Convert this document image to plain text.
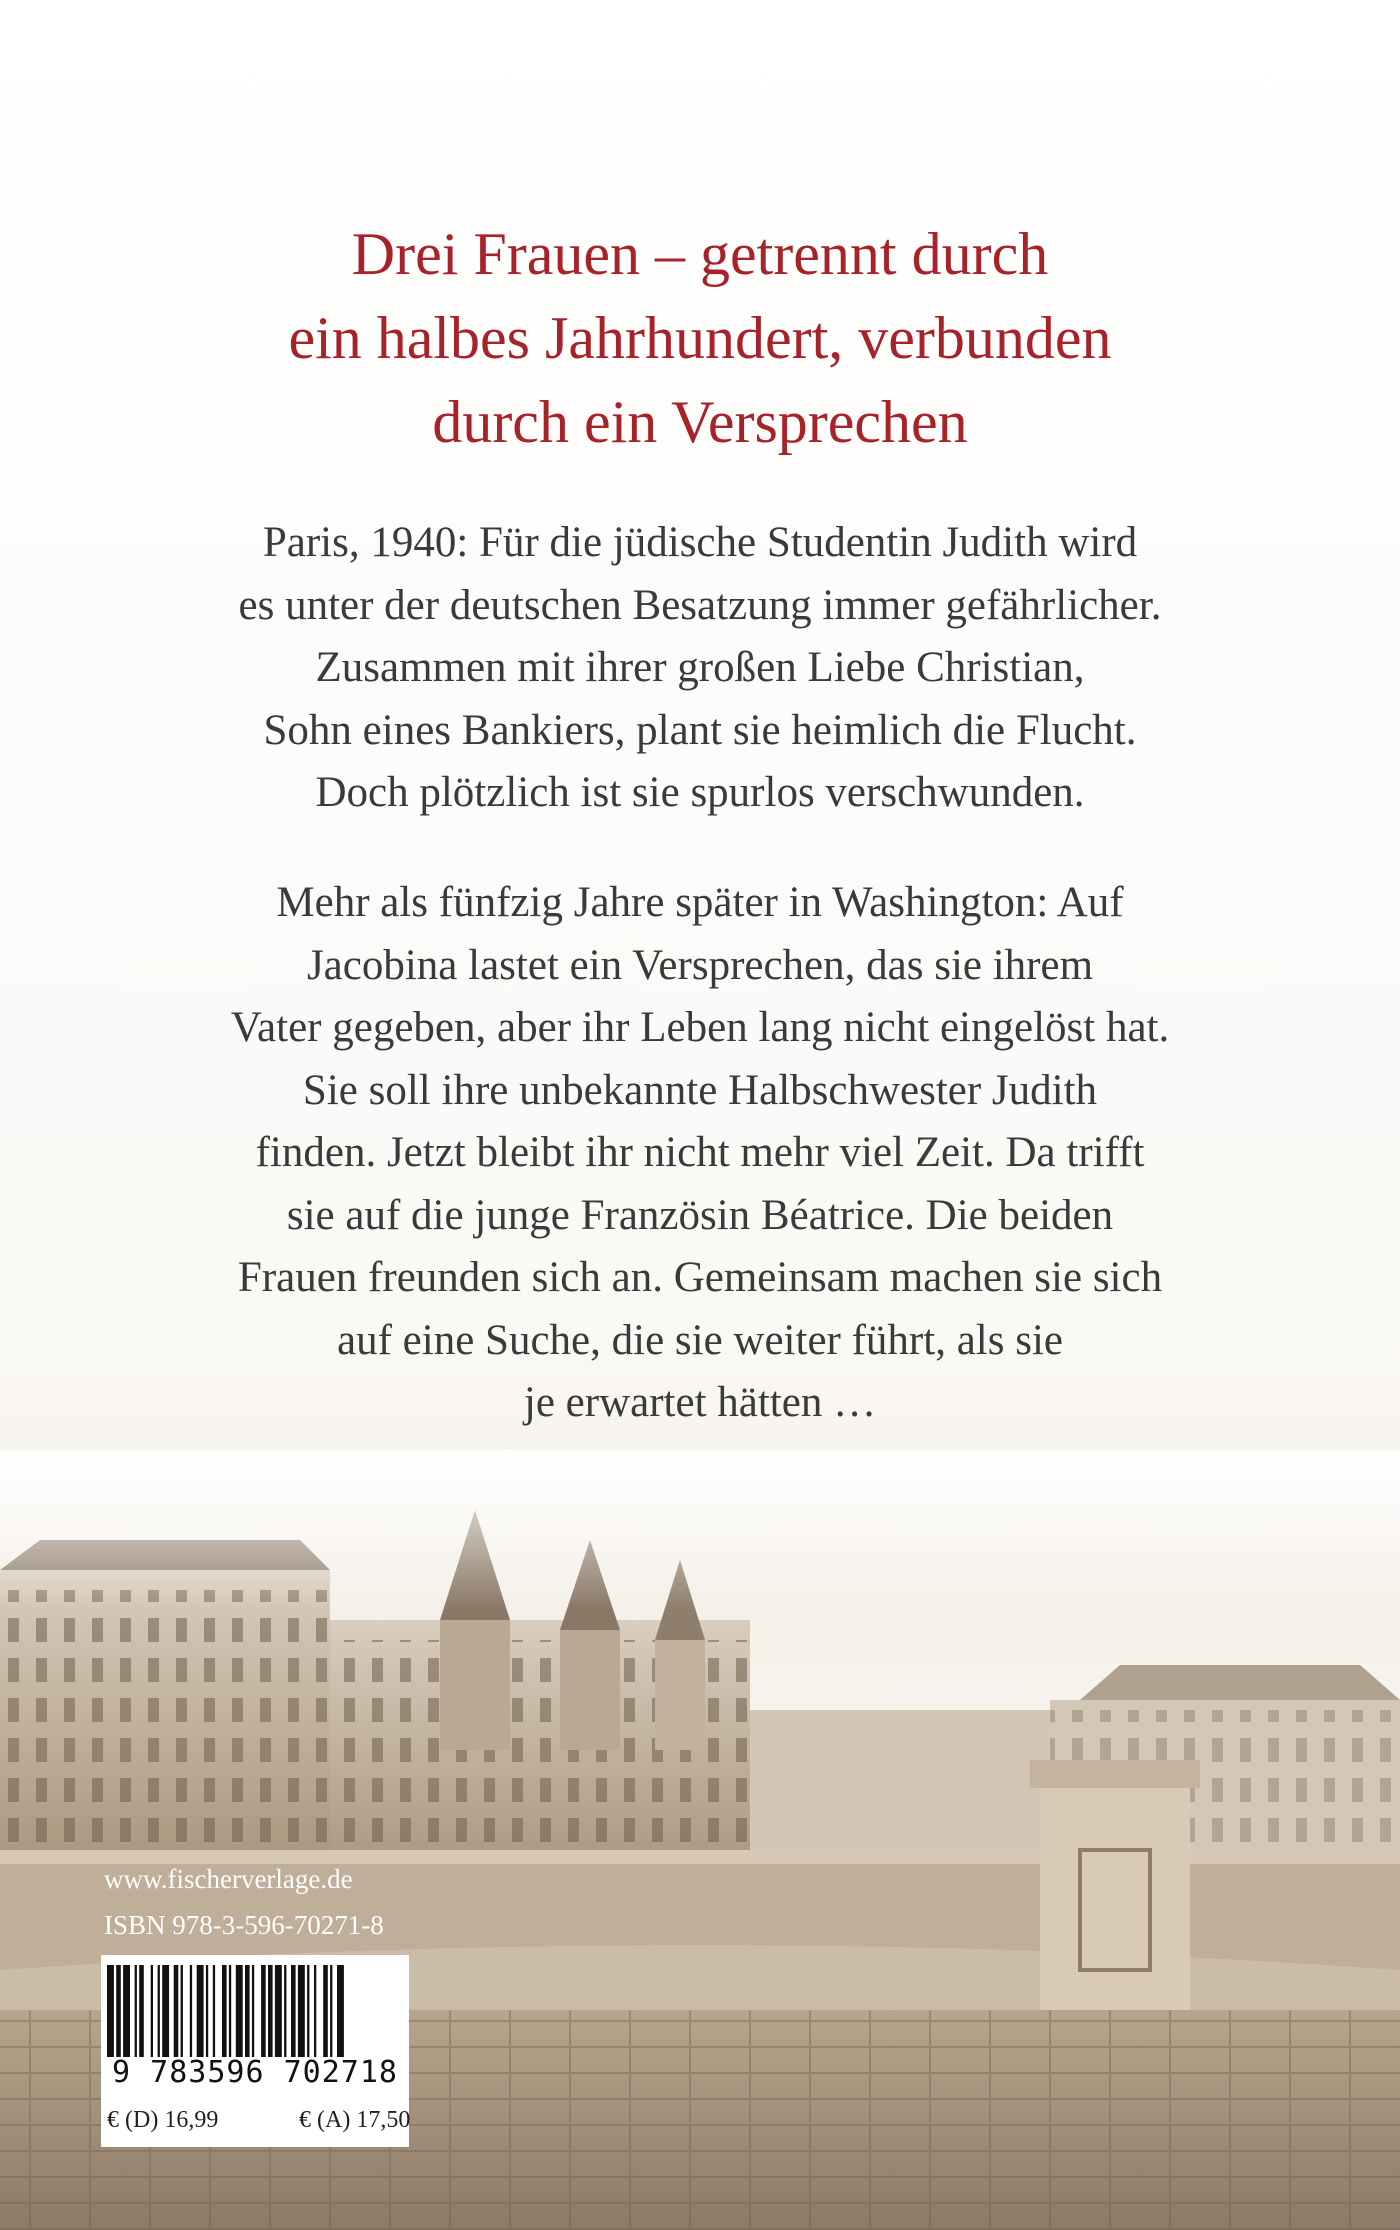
Drei Frauen – getrennt durch
ein halbes Jahrhundert, verbunden
durch ein Versprechen
Paris, 1940: Für die jüdische Studentin Judith wird
es unter der deutschen Besatzung immer gefährlicher.
Zusammen mit ihrer großen Liebe Christian,
Sohn eines Bankiers, plant sie heimlich die Flucht.
Doch plötzlich ist sie spurlos verschwunden.
Mehr als fünfzig Jahre später in Washington: Auf
Jacobina lastet ein Versprechen, das sie ihrem
Vater gegeben, aber ihr Leben lang nicht eingelöst hat.
Sie soll ihre unbekannte Halbschwester Judith
finden. Jetzt bleibt ihr nicht mehr viel Zeit. Da trifft
sie auf die junge Französin Béatrice. Die beiden
Frauen freunden sich an. Gemeinsam machen sie sich
auf eine Suche, die sie weiter führt, als sie
je erwartet hätten …
www.fischerverlage.de
ISBN 978-3-596-70271-8
9 783596 702718
€ (D) 16,99	€ (A) 17,50
